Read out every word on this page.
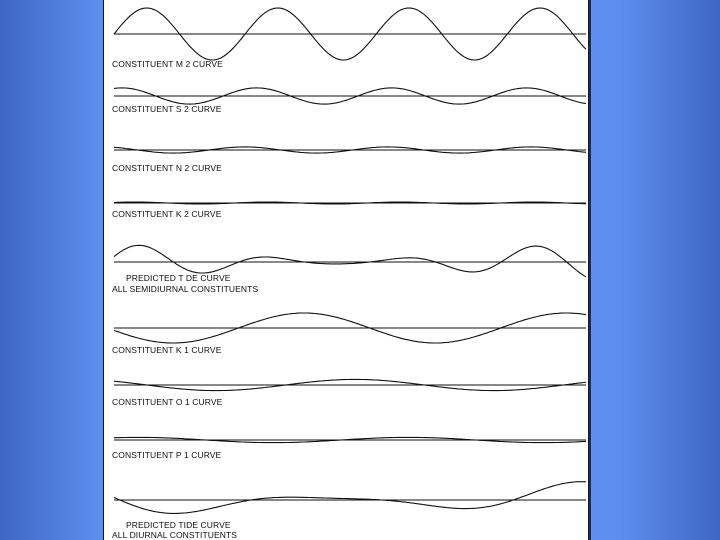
CONSTITUENT M 2 CURVE
CONSTITUENT S 2 CURVE
CONSTITUENT N 2 CURVE
CONSTITUENT K 2 CURVE
PREDICTED T DE CURVE
ALL SEMIDIURNAL CONSTITUENTS
CONSTITUENT K 1 CURVE
CONSTITUENT O 1 CURVE
CONSTITUENT P 1 CURVE
PREDICTED TIDE CURVE
ALL DIURNAL CONSTITUENTS
